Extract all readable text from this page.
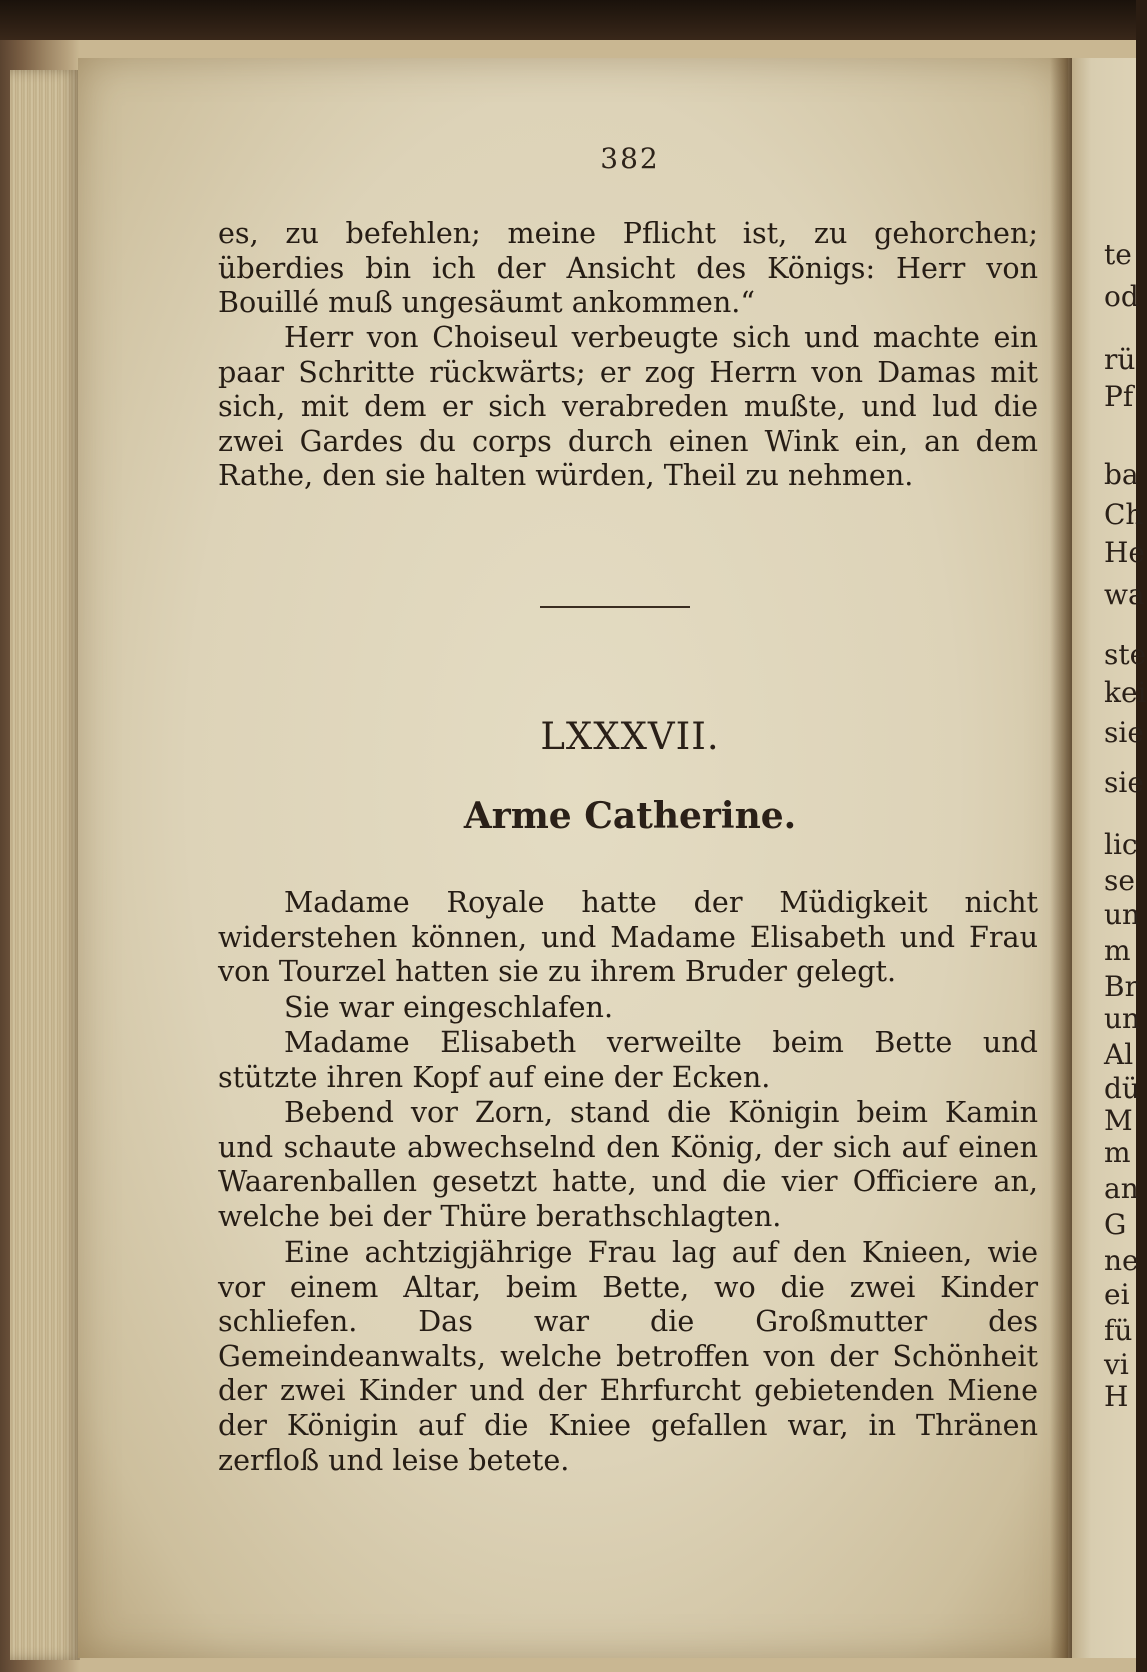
te
od
rü
Pf
ba
Ch
He
wa
ste
kei
sie
sie
lic
se
un
m
Br
un
Al
dü
M
m
an
G
ne
ei
fü
vi
H
382
es, zu befehlen; meine Pflicht ist, zu gehorchen; überdies bin ich der Ansicht des Königs: Herr von Bouillé muß ungesäumt ankommen.“
Herr von Choiseul verbeugte sich und machte ein paar Schritte rückwärts; er zog Herrn von Damas mit sich, mit dem er sich verabreden mußte, und lud die zwei Gardes du corps durch einen Wink ein, an dem Rathe, den sie halten würden, Theil zu nehmen.
LXXXVII.
Arme Catherine.
Madame Royale hatte der Müdigkeit nicht widerstehen können, und Madame Elisabeth und Frau von Tourzel hatten sie zu ihrem Bruder gelegt.
Sie war eingeschlafen.
Madame Elisabeth verweilte beim Bette und stützte ihren Kopf auf eine der Ecken.
Bebend vor Zorn, stand die Königin beim Kamin und schaute abwechselnd den König, der sich auf einen Waarenballen gesetzt hatte, und die vier Officiere an, welche bei der Thüre berathschlagten.
Eine achtzigjährige Frau lag auf den Knieen, wie vor einem Altar, beim Bette, wo die zwei Kinder schliefen. Das war die Großmutter des Gemeindeanwalts, welche betroffen von der Schönheit der zwei Kinder und der Ehrfurcht gebietenden Miene der Königin auf die Kniee gefallen war, in Thränen zerfloß und leise betete.
